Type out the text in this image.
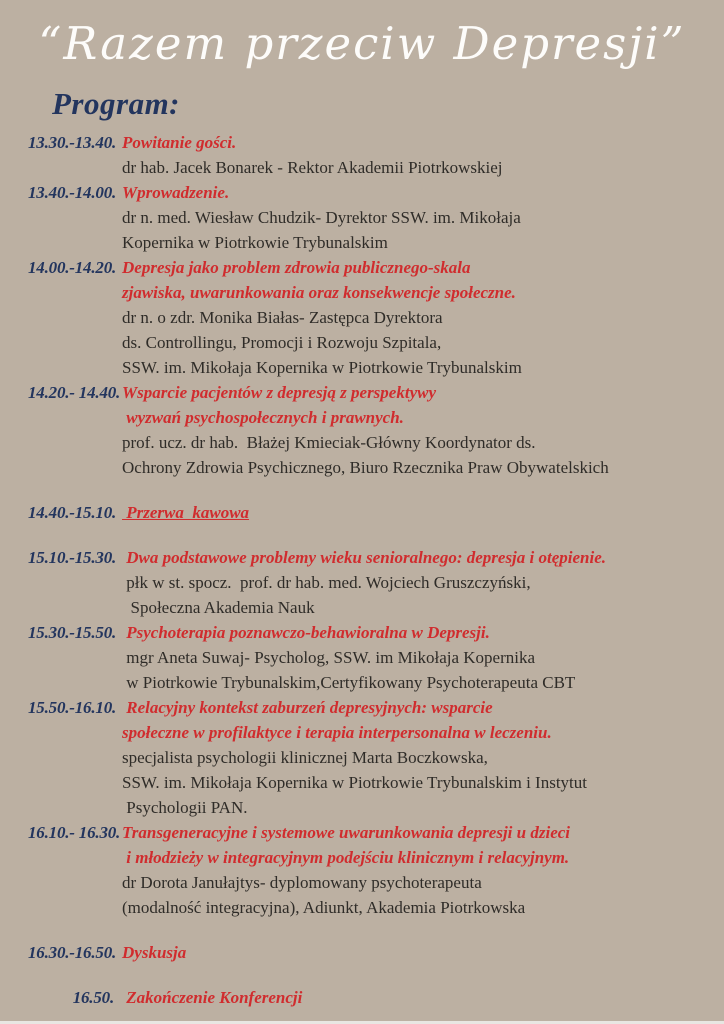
“Razem przeciw Depresji”
Program:
13.30.-13.40. Powitanie gości.
dr hab. Jacek Bonarek - Rektor Akademii Piotrkowskiej
13.40.-14.00. Wprowadzenie.
dr n. med. Wiesław Chudzik- Dyrektor SSW. im. Mikołaja
Kopernika w Piotrkowie Trybunalskim
14.00.-14.20. Depresja jako problem zdrowia publicznego-skala
zjawiska, uwarunkowania oraz konsekwencje społeczne.
dr n. o zdr. Monika Białas- Zastępca Dyrektora
ds. Controllingu, Promocji i Rozwoju Szpitala,
SSW. im. Mikołaja Kopernika w Piotrkowie Trybunalskim
14.20.- 14.40. Wsparcie pacjentów z depresją z perspektywy
wyzwań psychospołecznych i prawnych.
prof. ucz. dr hab.  Błażej Kmieciak-Główny Koordynator ds.
Ochrony Zdrowia Psychicznego, Biuro Rzecznika Praw Obywatelskich
14.40.-15.10. Przerwa  kawowa
15.10.-15.30. Dwa podstawowe problemy wieku senioralnego: depresja i otępienie.
płk w st. spocz.  prof. dr hab. med. Wojciech Gruszczyński,
Społeczna Akademia Nauk
15.30.-15.50. Psychoterapia poznawczo-behawioralna w Depresji.
mgr Aneta Suwaj- Psycholog, SSW. im Mikołaja Kopernika
w Piotrkowie Trybunalskim,Certyfikowany Psychoterapeuta CBT
15.50.-16.10. Relacyjny kontekst zaburzeń depresyjnych: wsparcie
społeczne w profilaktyce i terapia interpersonalna w leczeniu.
specjalista psychologii klinicznej Marta Boczkowska,
SSW. im. Mikołaja Kopernika w Piotrkowie Trybunalskim i Instytut
Psychologii PAN.
16.10.- 16.30. Transgeneracyjne i systemowe uwarunkowania depresji u dzieci
i młodzieży w integracyjnym podejściu klinicznym i relacyjnym.
dr Dorota Janułajtys- dyplomowany psychoterapeuta
(modalność integracyjna), Adiunkt, Akademia Piotrkowska
16.30.-16.50. Dyskusja
16.50. Zakończenie Konferencji
